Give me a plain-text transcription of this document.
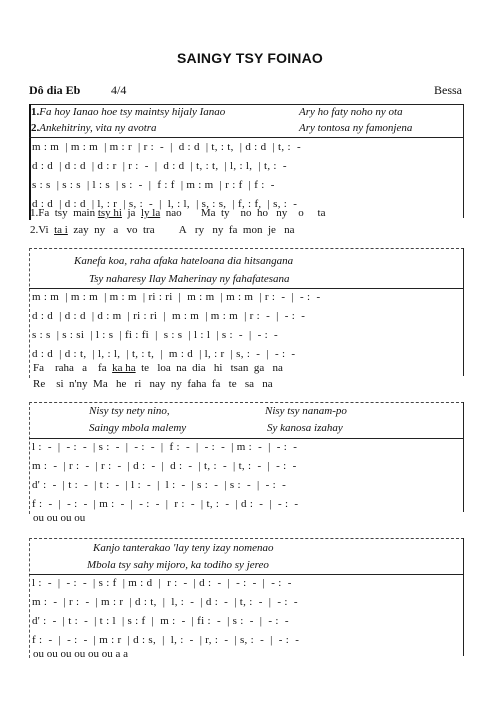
SAINGY TSY FOINAO
Dô dia Eb	4/4	Bessa
1.Fa hoy Ianao hoe tsy maintsy hijaly Ianao	Ary ho faty noho ny ota
2.Ankehitriny, vita ny avotra	Ary tontosa ny famonjena
m : m  | m : m  | m : r  | r :  -  |  d : d  | t, : t,  | d : d  | t, :  -
d : d  | d : d  | d : r  | r :  -  |  d : d  | t, : t,  | l, : l,  | t, :  -
s : s  | s : s  | l : s  | s :  -  |  f : f  | m : m  | r : f  | f :  -
d : d  | d : d  | l, : r  | s, :  -  |  l, : l,  | s, : s,  | f, : f,  | s, :  -
1.Fa  tsy  main tsy hi  ja  ly la  nao       Ma  ty    no  ho   ny    o     ta
2.Vi  ta i  zay  ny   a   vo  tra         A   ry   ny  fa  mon  je   na
Kanefa koa, raha afaka hateloana dia hitsangana
Tsy naharesy Ilay Maherinay ny fahafatesana
m : m  | m : m  | m : m  | ri : ri  |  m : m  | m : m  | r :  -  |  - :  -
d : d  | d : d  | d : m  | ri : ri  |  m : m  | m : m  | r :  -  |  - :  -
s : s  | s : si  | l : s  | fi : fi  |  s : s  | l : l  | s :  -  |  - :  -
d : d  | d : t,  | l, : l,  | t, : t,  |  m : d  | l, : r  | s, :  -  |  - :  -
Fa    raha   a    fa  ka ha  te   loa  na  dia   hi   tsan  ga   na
Re    si  n'ny  Ma   he   ri   nay  ny  faha  fa   te   sa   na
Nisy tsy nety nino,	Nisy tsy nanam-po
Saingy mbola malemy	Sy kanosa izahay
l :  -  |  - :  -  | s :  -  |  - :  -  |  f :  -  |  - :  -  | m :  -  |  - :  -
m :  -  | r :  -  | r :  -  | d :  -  |  d :  -  | t, :  -  | t, :  -  |  - :  -
d' :  -  | t :  -  | t :  -  | l :  -  |  l :  -  | s :  -  | s :  -  |  - :  -
f :  -  |  - :  -  | m :  -  |  - :  -  |  r :  -  | t, :  -  | d :  -  |  - :  -
ou ou ou ou
Kanjo tanterakao 'lay teny izay nomenao
Mbola tsy sahy mijoro, ka todiho sy jereo
l :  -  |  - :  -  | s : f  | m : d  |  r :  -  | d :  -  |  - :  -  |  - :  -
m :  -  | r :  -  | m : r  | d : t,  |  l, :  -  | d :  -  | t, :  -  |  - :  -
d' :  -  | t :  -  | t : l  | s : f  |  m :  -  | fi :  -  | s :  -  |  - :  -
f :  -  |  - :  -  | m : r  | d : s,  |  l, :  -  | r, :  -  | s, :  -  |  - :  -
ou ou ou ou ou ou a a
